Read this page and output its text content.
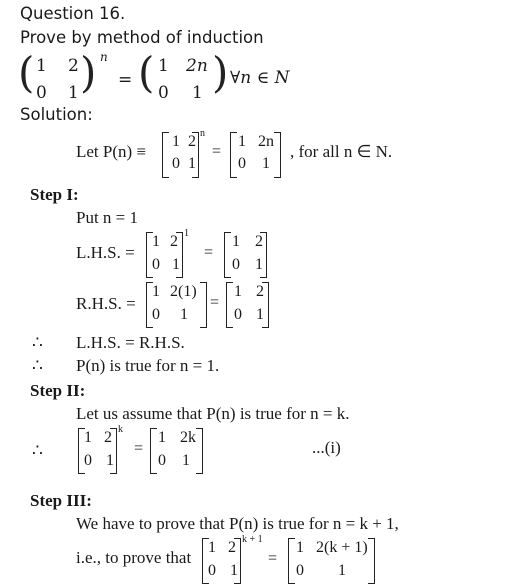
Question 16.
Prove by method of induction
( 1 2
0 1 ) n
= ( 1 2n
0 1 ) ∀n ∈ N
Solution:
Let P(n) ≡
1 2
0 1
n
=
1 2n
0 1
, for all n ∈ N.
Step I:
Put n = 1
L.H.S. =
1 2
0 1
1
=
1 2
0 1
R.H.S. =
1 2(1)
0 1
=
1 2
0 1
∴ L.H.S. = R.H.S.
∴ P(n) is true for n = 1.
Step II:
Let us assume that P(n) is true for n = k.
∴
1 2
0 1
k
=
1 2k
0 1
...(i)
Step III:
We have to prove that P(n) is true for n = k + 1,
i.e., to prove that
1 2
0 1
k + 1
=
1 2(k + 1)
0 1
